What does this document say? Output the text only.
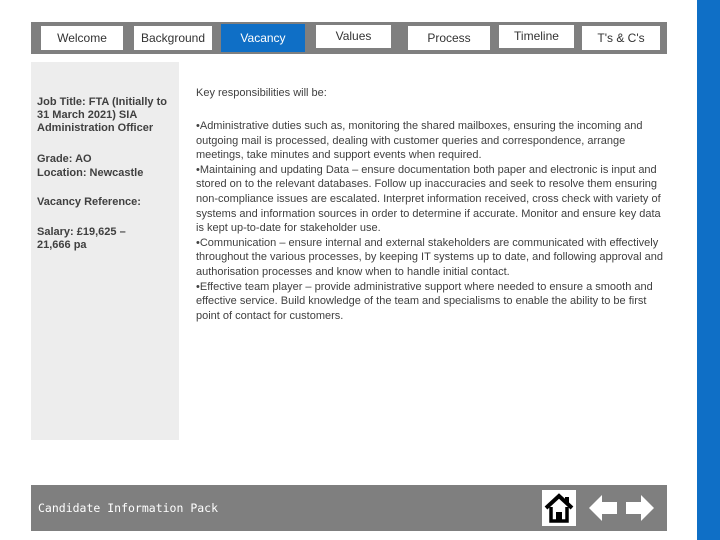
Welcome	Background	Vacancy	Values	Process	Timeline	T's & C's
Job Title: FTA (Initially to 31 March 2021) SIA Administration Officer
Grade: AO
Location: Newcastle
Vacancy Reference:
Salary: £19,625 – 21,666 pa
Key responsibilities will be:

•Administrative duties such as, monitoring the shared mailboxes, ensuring the incoming and outgoing mail is processed, dealing with customer queries and correspondence, arrange meetings, take minutes and support events when required.

•Maintaining and updating Data – ensure documentation both paper and electronic is input and stored on to the relevant databases. Follow up inaccuracies and seek to resolve them ensuring non-compliance issues are escalated. Interpret information received, cross check with variety of systems and information sources in order to determine if accurate. Monitor and ensure key data is kept up-to-date for stakeholder use.

•Communication – ensure internal and external stakeholders are communicated with effectively throughout the various processes, by keeping IT systems up to date, and following approval and authorisation processes and know when to handle initial contact.

•Effective team player – provide administrative support where needed to ensure a smooth and effective service. Build knowledge of the team and specialisms to enable the ability to be first point of contact for customers.

Candidate Information Pack
